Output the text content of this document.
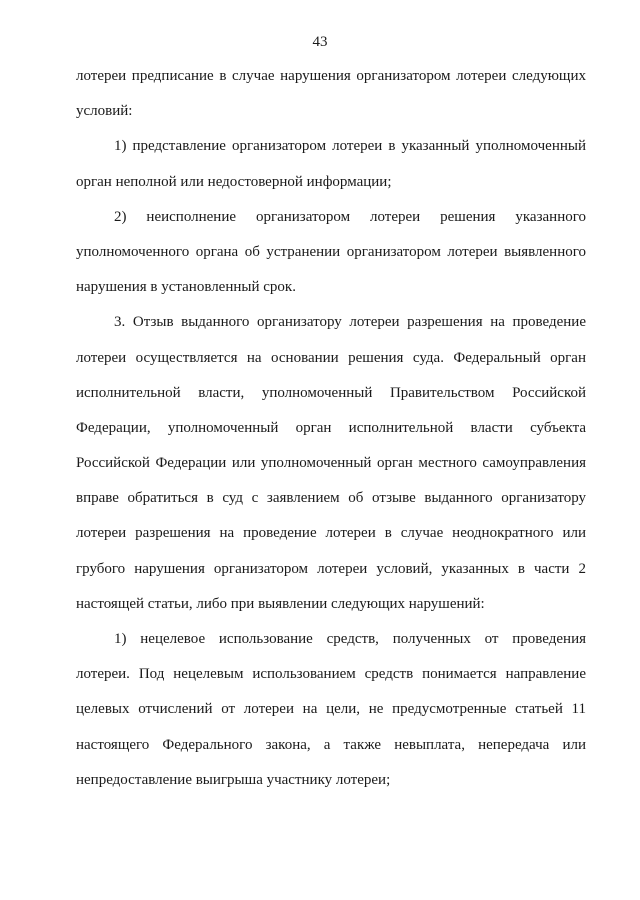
43
лотереи предписание в случае нарушения организатором лотереи следующих
условий:
1) представление организатором лотереи в указанный уполномоченный
орган неполной или недостоверной информации;
2) неисполнение организатором лотереи решения указанного
уполномоченного органа об устранении организатором лотереи выявленного
нарушения в установленный срок.
3. Отзыв выданного организатору лотереи разрешения на проведение
лотереи осуществляется на основании решения суда. Федеральный орган
исполнительной власти, уполномоченный Правительством Российской
Федерации, уполномоченный орган исполнительной власти субъекта
Российской Федерации или уполномоченный орган местного самоуправления
вправе обратиться в суд с заявлением об отзыве выданного организатору
лотереи разрешения на проведение лотереи в случае неоднократного или
грубого нарушения организатором лотереи условий, указанных в части 2
настоящей статьи, либо при выявлении следующих нарушений:
1) нецелевое использование средств, полученных от проведения
лотереи. Под нецелевым использованием средств понимается направление
целевых отчислений от лотереи на цели, не предусмотренные статьей 11
настоящего Федерального закона, а также невыплата, непередача или
непредоставление выигрыша участнику лотереи;
